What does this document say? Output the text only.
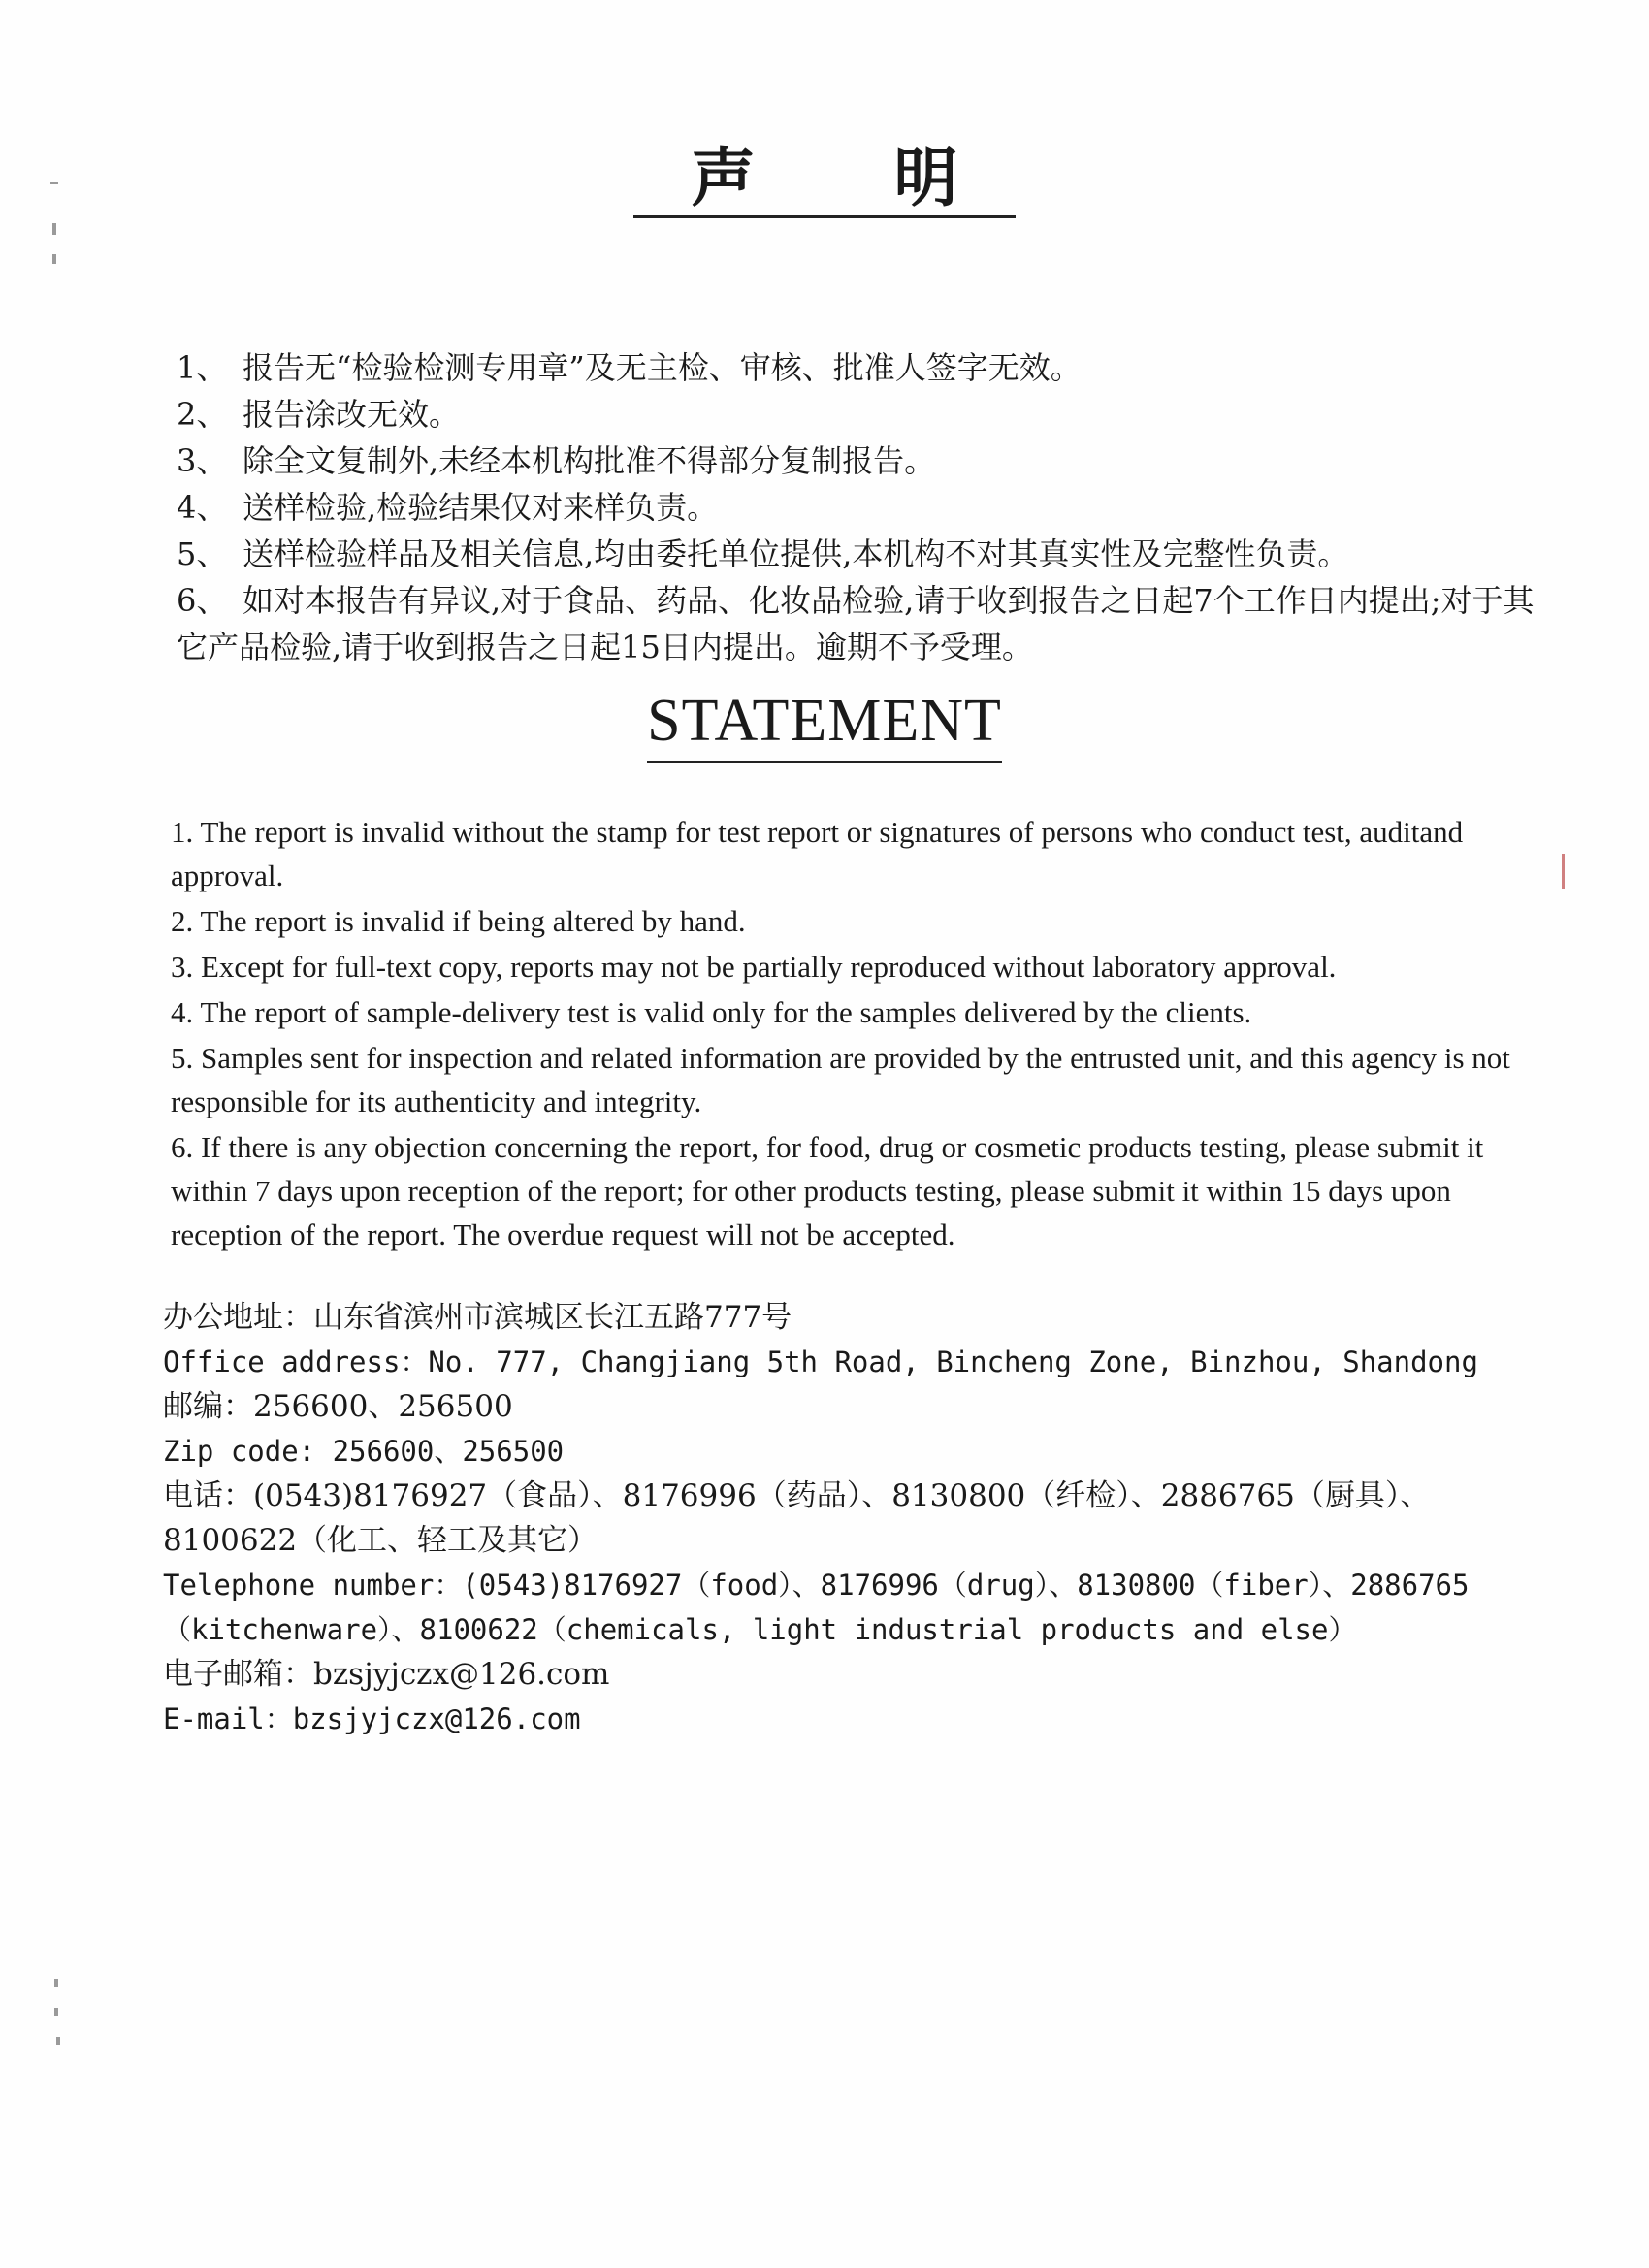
声 明

1、 报告无“检验检测专用章”及无主检、审核、批准人签字无效。

2、 报告涂改无效。

3、 除全文复制外,未经本机构批准不得部分复制报告。

4、 送样检验,检验结果仅对来样负责。

5、 送样检验样品及相关信息,均由委托单位提供,本机构不对其真实性及完整性负责。

6、 如对本报告有异议,对于食品、药品、化妆品检验,请于收到报告之日起7个工作日内提出;对于其它产品检验,请于收到报告之日起15日内提出。逾期不予受理。

STATEMENT

1. The report is invalid without the stamp for test report or signatures of persons who conduct test, auditand approval.

2. The report is invalid if being altered by hand.

3. Except for full-text copy, reports may not be partially reproduced without laboratory approval.

4. The report of sample-delivery test is valid only for the samples delivered by the clients.

5. Samples sent for inspection and related information are provided by the entrusted unit, and this agency is not responsible for its authenticity and integrity.

6. If there is any objection concerning the report, for food, drug or cosmetic products testing, please submit it within 7 days upon reception of the report; for other products testing, please submit it within 15 days upon reception of the report. The overdue request will not be accepted.

办公地址：山东省滨州市滨城区长江五路777号

Office address：No. 777, Changjiang 5th Road, Bincheng Zone, Binzhou, Shandong

邮编：256600、256500

Zip code: 256600、256500

电话：(0543)8176927（食品）、8176996（药品）、8130800（纤检）、2886765（厨具）、8100622（化工、轻工及其它）

Telephone number：(0543)8176927（food）、8176996（drug）、8130800（fiber）、2886765（kitchenware）、8100622（chemicals, light industrial products and else）

电子邮箱：bzsjyjczx@126.com

E-mail：bzsjyjczx@126.com
